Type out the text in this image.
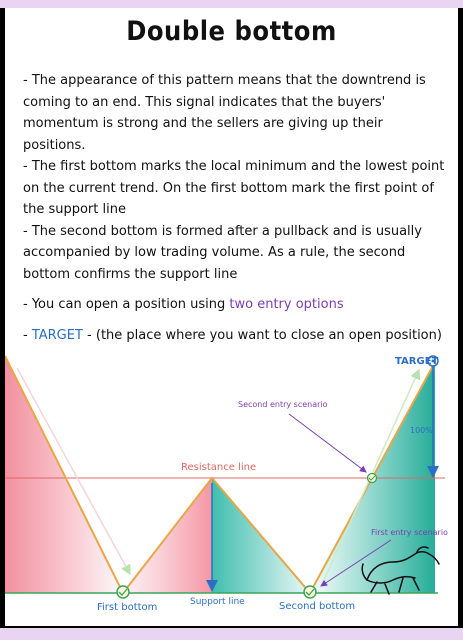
Double bottom

- The appearance of this pattern means that the downtrend is coming to an end. This signal indicates that the buyers' momentum is strong and the sellers are giving up their positions.

- The first bottom marks the local minimum and the lowest point on the current trend. On the first bottom mark the first point of the support line

- The second bottom is formed after a pullback and is usually accompanied by low trading volume. As a rule, the second bottom confirms the support line

- You can open a position using two entry options

- TARGET - (the place where you want to close an open position)

TARGET
Second entry scenario
100%
Resistance line
First entry scenario
Support line
First bottom	Second bottom
